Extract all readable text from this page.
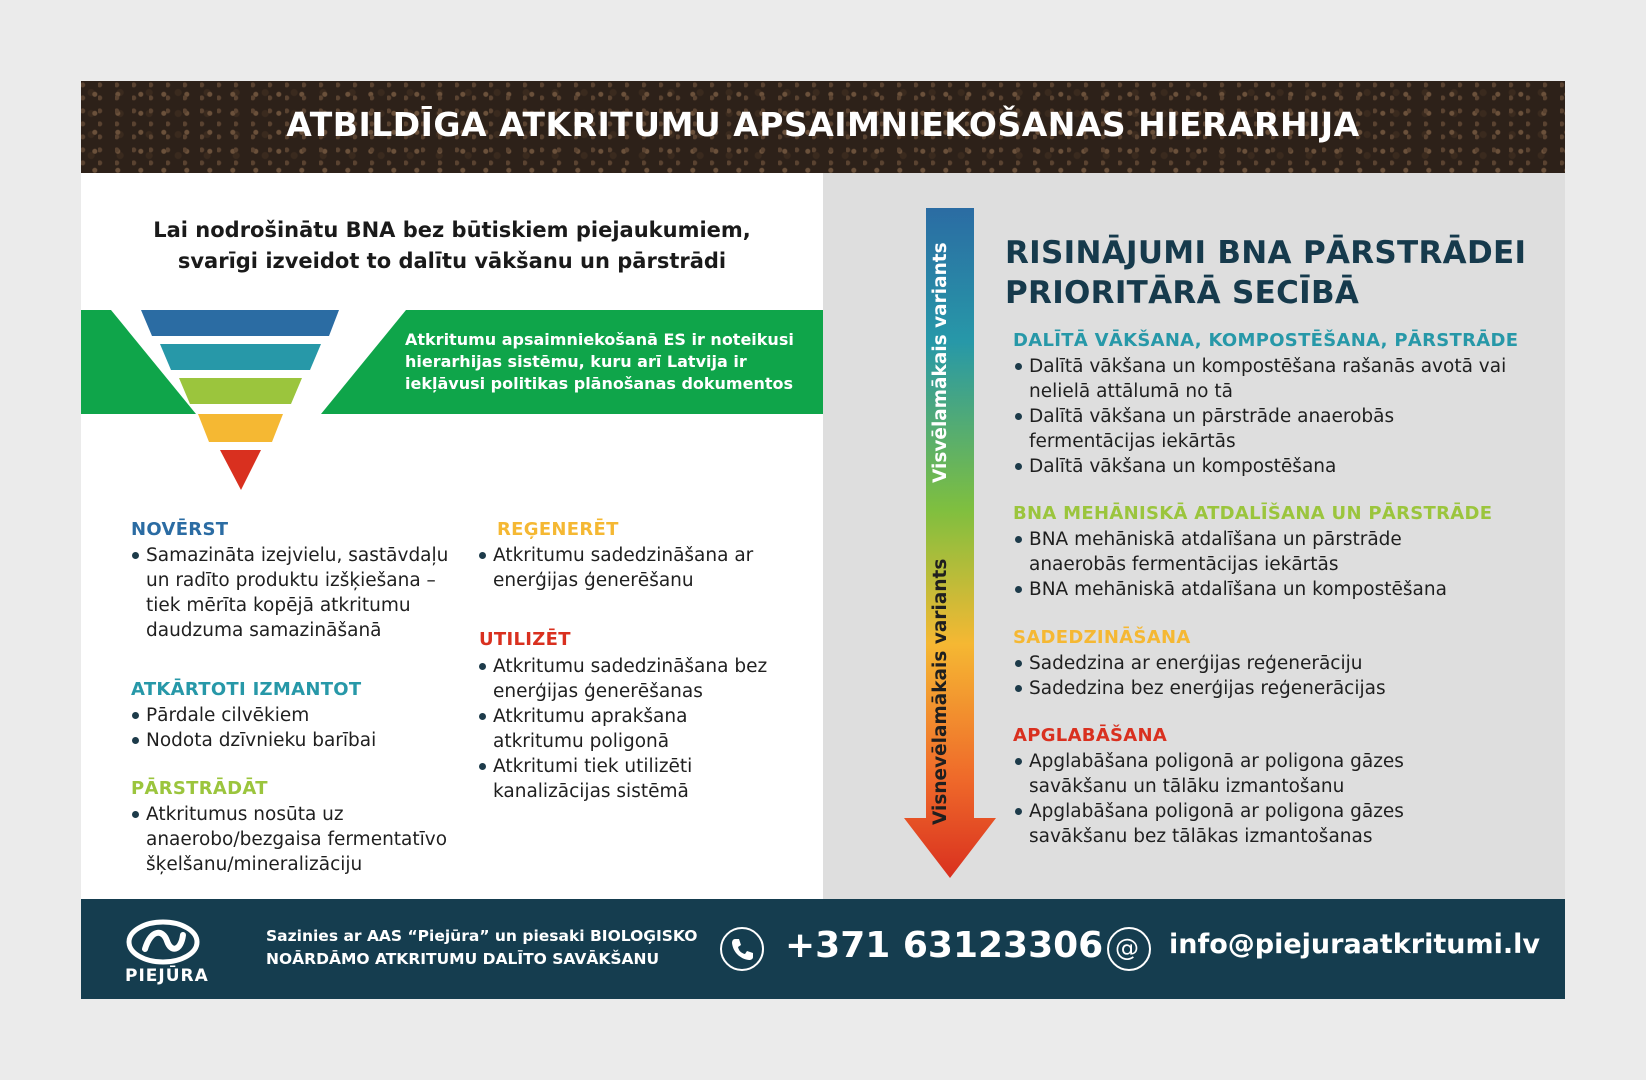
ATBILDĪGA ATKRITUMU APSAIMNIEKOŠANAS HIERARHIJA
Lai nodrošinātu BNA bez būtiskiem piejaukumiem,
svarīgi izveidot to dalītu vākšanu un pārstrādi
Atkritumu apsaimniekošanā ES ir noteikusi
hierarhijas sistēmu, kuru arī Latvija ir
iekļāvusi politikas plānošanas dokumentos
NOVĒRST
Samazināta izejvielu, sastāvdaļu
un radīto produktu izšķiešana –
tiek mērīta kopējā atkritumu
daudzuma samazināšanā
ATKĀRTOTI IZMANTOT
Pārdale cilvēkiem
Nodota dzīvnieku barībai
PĀRSTRĀDĀT
Atkritumus nosūta uz
anaerobo/bezgaisa fermentatīvo
šķelšanu/mineralizāciju
REĢENERĒT
Atkritumu sadedzināšana ar
enerģijas ģenerēšanu
UTILIZĒT
Atkritumu sadedzināšana bez
enerģijas ģenerēšanas
Atkritumu aprakšana
atkritumu poligonā
Atkritumi tiek utilizēti
kanalizācijas sistēmā
Visvēlamākais variants
Visnevēlamākais variants
RISINĀJUMI BNA PĀRSTRĀDEI
PRIORITĀRĀ SECĪBĀ
DALĪTĀ VĀKŠANA, KOMPOSTĒŠANA, PĀRSTRĀDE
Dalītā vākšana un kompostēšana rašanās avotā vai
nelielā attālumā no tā
Dalītā vākšana un pārstrāde anaerobās
fermentācijas iekārtās
Dalītā vākšana un kompostēšana
BNA MEHĀNISKĀ ATDALĪŠANA UN PĀRSTRĀDE
BNA mehāniskā atdalīšana un pārstrāde
anaerobās fermentācijas iekārtās
BNA mehāniskā atdalīšana un kompostēšana
SADEDZINĀŠANA
Sadedzina ar enerģijas reģenerāciju
Sadedzina bez enerģijas reģenerācijas
APGLABĀŠANA
Apglabāšana poligonā ar poligona gāzes
savākšanu un tālāku izmantošanu
Apglabāšana poligonā ar poligona gāzes
savākšanu bez tālākas izmantošanas
PIEJŪRA
Sazinies ar AAS “Piejūra” un piesaki BIOLOĢISKO
NOĀRDĀMO ATKRITUMU DALĪTO SAVĀKŠANU	+371 63123306 @ info@piejuraatkritumi.lv
